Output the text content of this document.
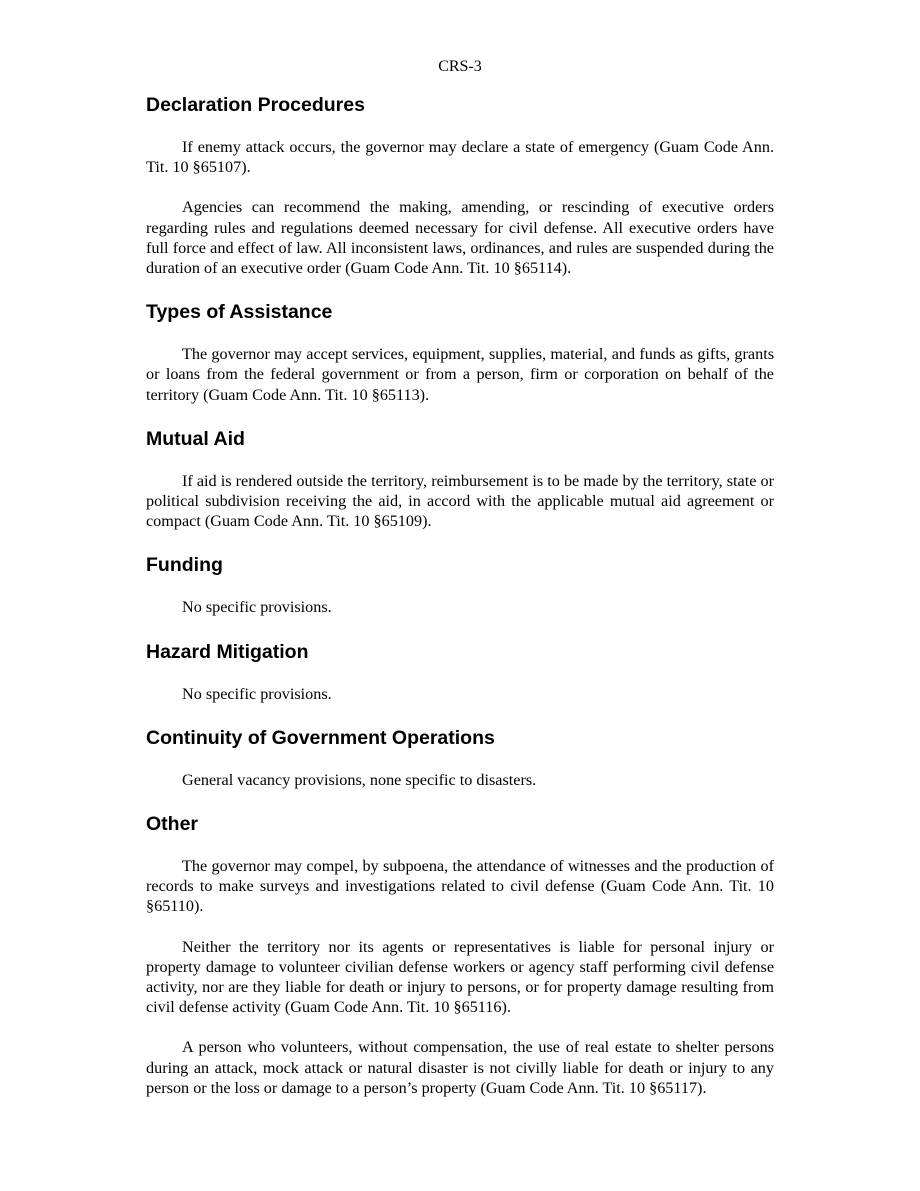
CRS-3
Declaration Procedures

If enemy attack occurs, the governor may declare a state of emergency (Guam Code Ann. Tit. 10 §65107).

Agencies can recommend the making, amending, or rescinding of executive orders regarding rules and regulations deemed necessary for civil defense. All executive orders have full force and effect of law. All inconsistent laws, ordinances, and rules are suspended during the duration of an executive order (Guam Code Ann. Tit. 10 §65114).

Types of Assistance

The governor may accept services, equipment, supplies, material, and funds as gifts, grants or loans from the federal government or from a person, firm or corporation on behalf of the territory (Guam Code Ann. Tit. 10 §65113).

Mutual Aid

If aid is rendered outside the territory, reimbursement is to be made by the territory, state or political subdivision receiving the aid, in accord with the applicable mutual aid agreement or compact (Guam Code Ann. Tit. 10 §65109).

Funding

No specific provisions.

Hazard Mitigation

No specific provisions.

Continuity of Government Operations

General vacancy provisions, none specific to disasters.

Other

The governor may compel, by subpoena, the attendance of witnesses and the production of records to make surveys and investigations related to civil defense (Guam Code Ann. Tit. 10 §65110).

Neither the territory nor its agents or representatives is liable for personal injury or property damage to volunteer civilian defense workers or agency staff performing civil defense activity, nor are they liable for death or injury to persons, or for property damage resulting from civil defense activity (Guam Code Ann. Tit. 10 §65116).

A person who volunteers, without compensation, the use of real estate to shelter persons during an attack, mock attack or natural disaster is not civilly liable for death or injury to any person or the loss or damage to a person’s property (Guam Code Ann. Tit. 10 §65117).
